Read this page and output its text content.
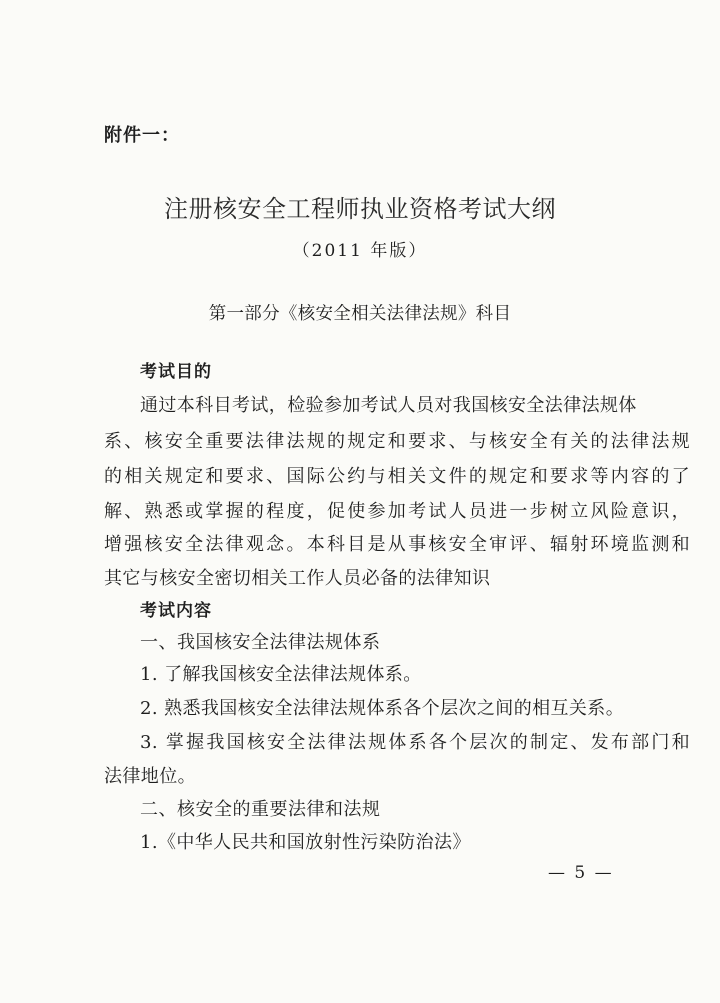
附件一：
注册核安全工程师执业资格考试大纲
（2011 年版）
第一部分《核安全相关法律法规》科目
考试目的
通过本科目考试，检验参加考试人员对我国核安全法律法规体
系、核安全重要法律法规的规定和要求、与核安全有关的法律法规
的相关规定和要求、国际公约与相关文件的规定和要求等内容的了
解、熟悉或掌握的程度，促使参加考试人员进一步树立风险意识，
增强核安全法律观念。本科目是从事核安全审评、辐射环境监测和
其它与核安全密切相关工作人员必备的法律知识
考试内容
一、我国核安全法律法规体系
1. 了解我国核安全法律法规体系。
2. 熟悉我国核安全法律法规体系各个层次之间的相互关系。
3. 掌握我国核安全法律法规体系各个层次的制定、发布部门和
法律地位。
二、核安全的重要法律和法规
1.《中华人民共和国放射性污染防治法》
— 5 —
